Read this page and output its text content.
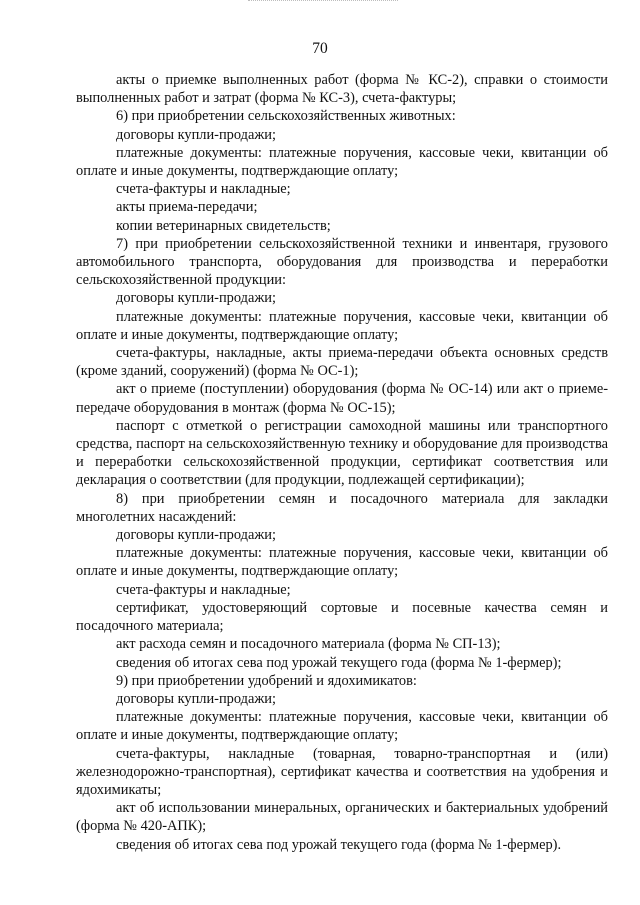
70

акты о приемке выполненных работ (форма № КС-2), справки о стоимости выполненных работ и затрат (форма № КС-3), счета-фактуры;

6) при приобретении сельскохозяйственных животных:

договоры купли-продажи;

платежные документы: платежные поручения, кассовые чеки, квитанции об оплате и иные документы, подтверждающие оплату;

счета-фактуры и накладные;

акты приема-передачи;

копии ветеринарных свидетельств;

7) при приобретении сельскохозяйственной техники и инвентаря, грузового автомобильного транспорта, оборудования для производства и переработки сельскохозяйственной продукции:

договоры купли-продажи;

платежные документы: платежные поручения, кассовые чеки, квитанции об оплате и иные документы, подтверждающие оплату;

счета-фактуры, накладные, акты приема-передачи объекта основных средств (кроме зданий, сооружений) (форма № ОС-1);

акт о приеме (поступлении) оборудования (форма № ОС-14) или акт о приеме-передаче оборудования в монтаж (форма № ОС-15);

паспорт с отметкой о регистрации самоходной машины или транспортного средства, паспорт на сельскохозяйственную технику и оборудование для производства и переработки сельскохозяйственной продукции, сертификат соответствия или декларация о соответствии (для продукции, подлежащей сертификации);

8) при приобретении семян и посадочного материала для закладки многолетних насаждений:

договоры купли-продажи;

платежные документы: платежные поручения, кассовые чеки, квитанции об оплате и иные документы, подтверждающие оплату;

счета-фактуры и накладные;

сертификат, удостоверяющий сортовые и посевные качества семян и посадочного материала;

акт расхода семян и посадочного материала (форма № СП-13);

сведения об итогах сева под урожай текущего года (форма № 1-фермер);

9) при приобретении удобрений и ядохимикатов:

договоры купли-продажи;

платежные документы: платежные поручения, кассовые чеки, квитанции об оплате и иные документы, подтверждающие оплату;

счета-фактуры, накладные (товарная, товарно-транспортная и (или) железнодорожно-транспортная), сертификат качества и соответствия на удобрения и ядохимикаты;

акт об использовании минеральных, органических и бактериальных удобрений (форма № 420-АПК);

сведения об итогах сева под урожай текущего года (форма № 1-фермер).
